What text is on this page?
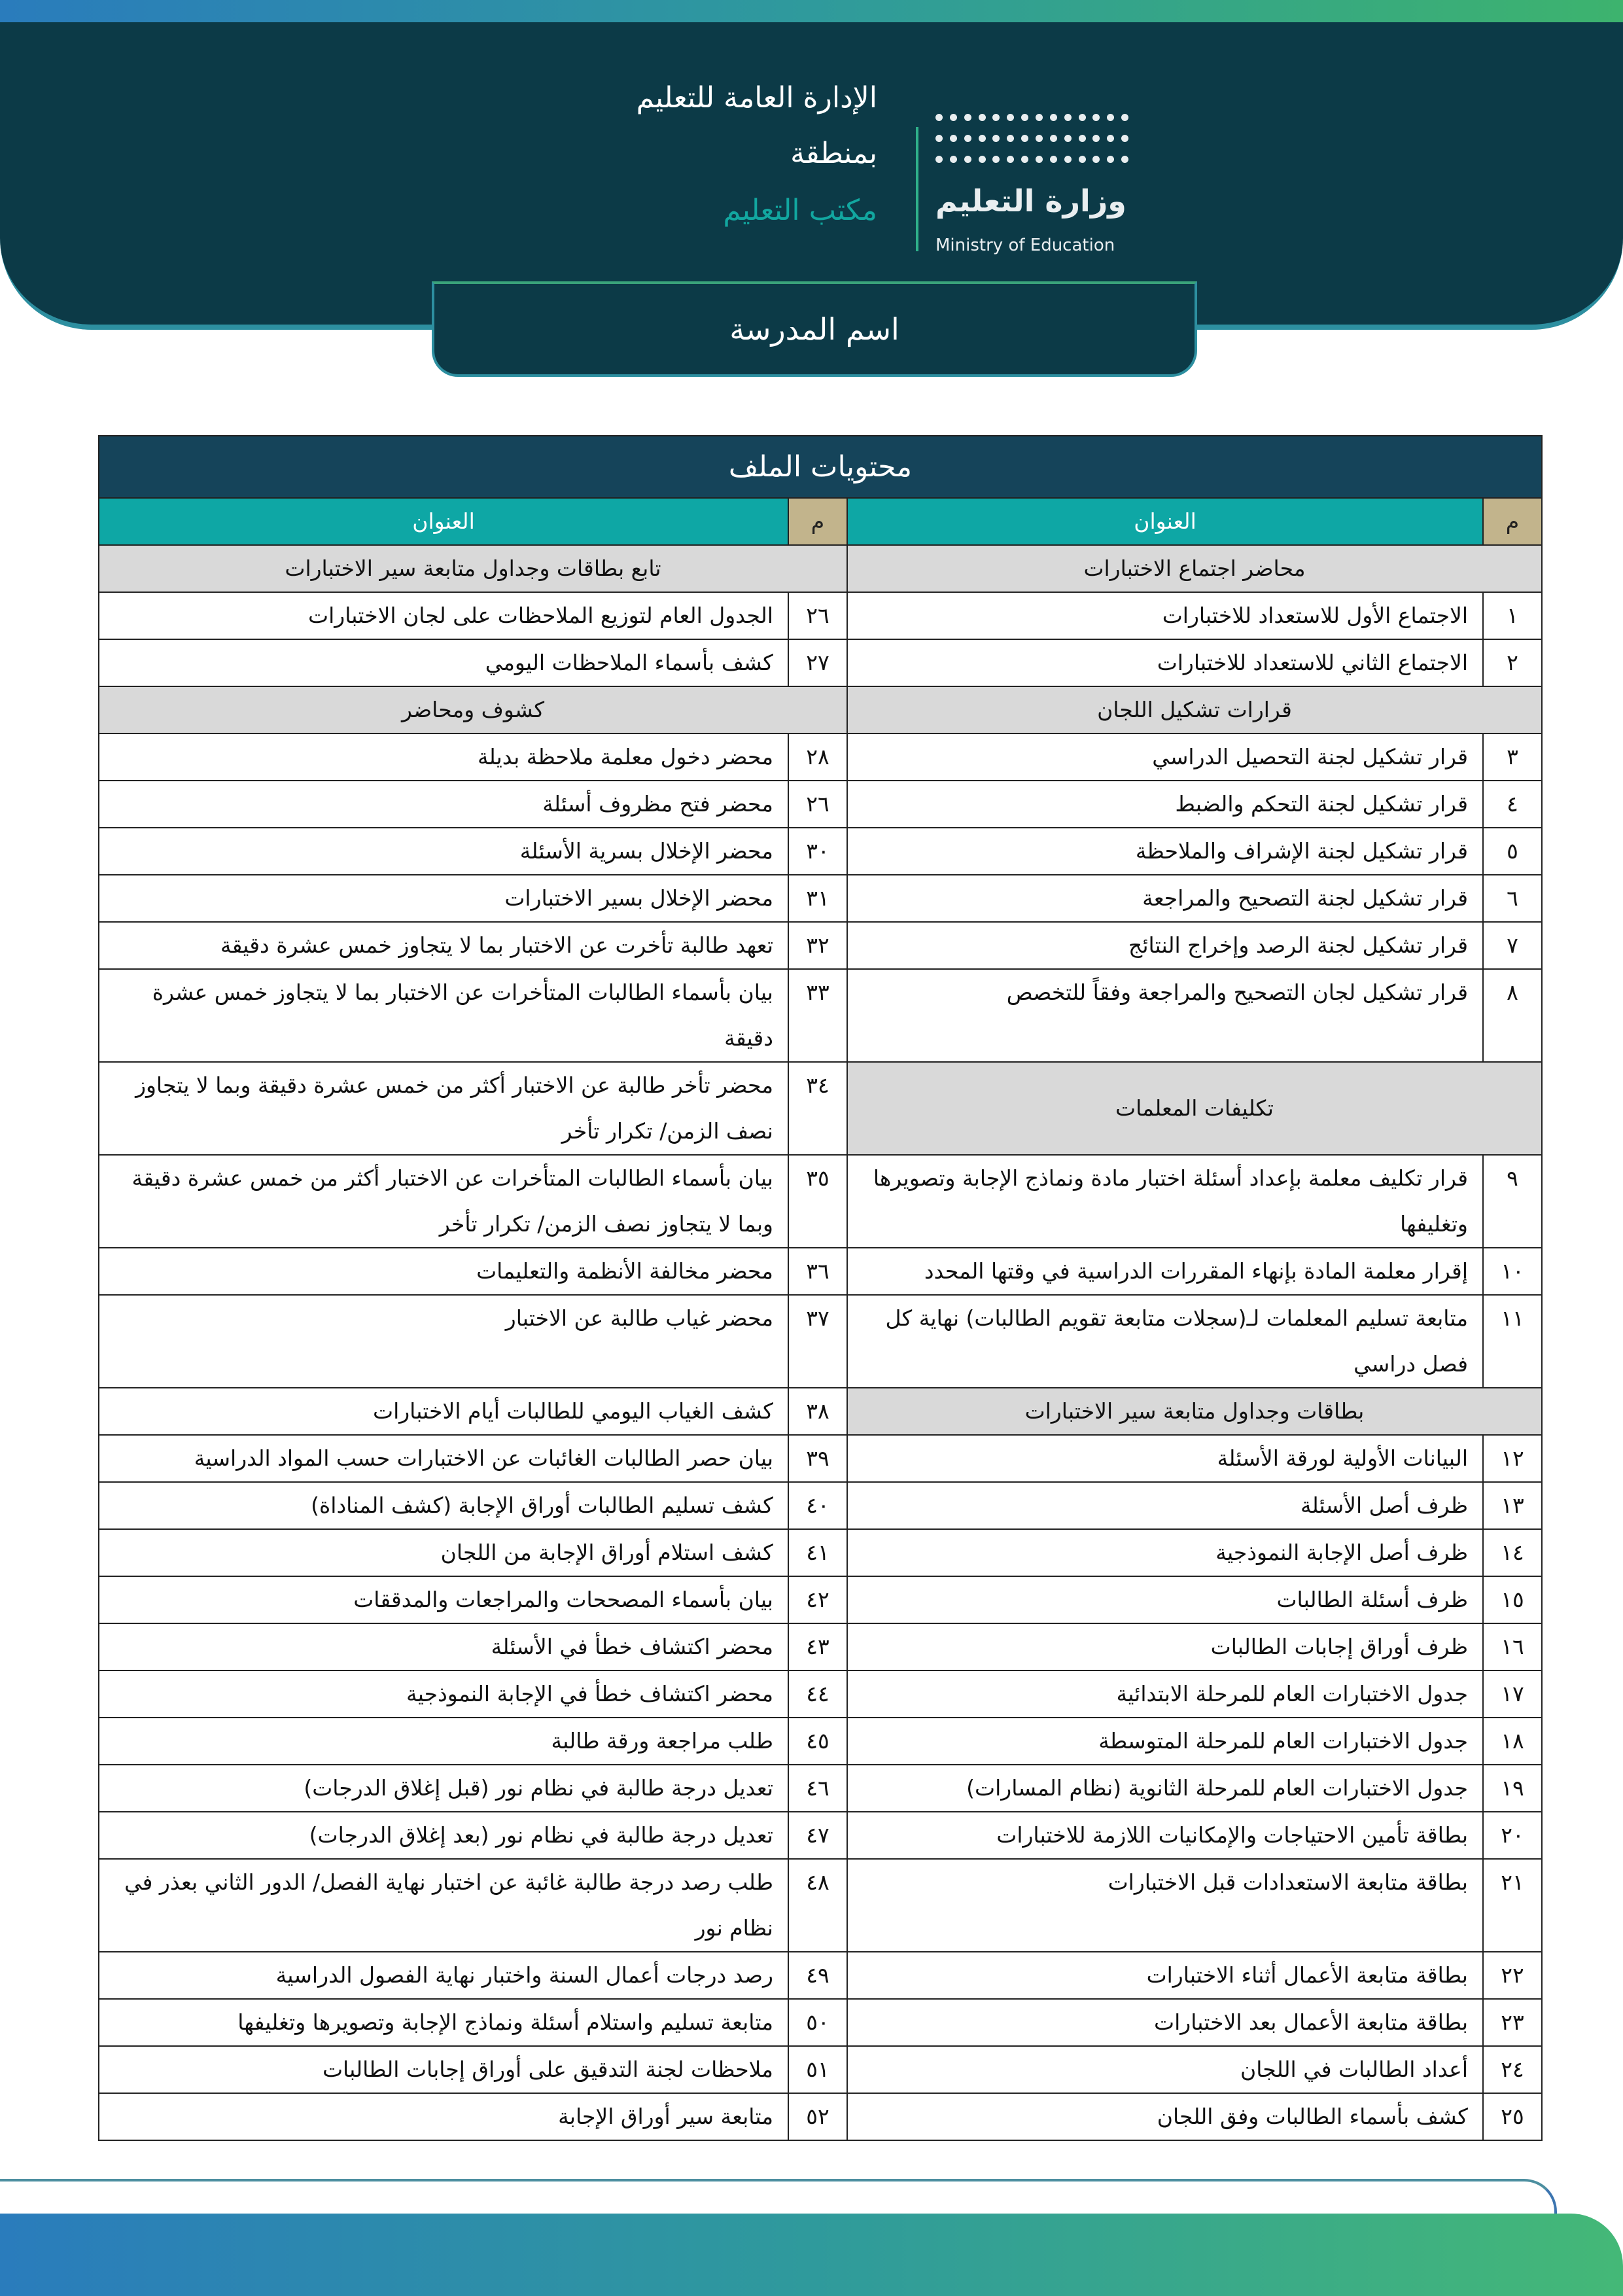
وزارة التعليم
Ministry of Education
الإدارة العامة للتعليم
بمنطقة
مكتب التعليم
اسم المدرسة
محتويات الملف			
م	العنوان	م	العنوان
محاضر اجتماع الاختبارات		تابع بطاقات وجداول متابعة سير الاختبارات	
١	الاجتماع الأول للاستعداد للاختبارات	٢٦	الجدول العام لتوزيع الملاحظات على لجان الاختبارات
٢	الاجتماع الثاني للاستعداد للاختبارات	٢٧	كشف بأسماء الملاحظات اليومي
قرارات تشكيل اللجان		كشوف ومحاضر	
٣	قرار تشكيل لجنة التحصيل الدراسي	٢٨	محضر دخول معلمة ملاحظة بديلة
٤	قرار تشكيل لجنة التحكم والضبط	٢٦	محضر فتح مظروف أسئلة
٥	قرار تشكيل لجنة الإشراف والملاحظة	٣٠	محضر الإخلال بسرية الأسئلة
٦	قرار تشكيل لجنة التصحيح والمراجعة	٣١	محضر الإخلال بسير الاختبارات
٧	قرار تشكيل لجنة الرصد وإخراج النتائج	٣٢	تعهد طالبة تأخرت عن الاختبار بما لا يتجاوز خمس عشرة دقيقة
٨	قرار تشكيل لجان التصحيح والمراجعة وفقاً للتخصص	٣٣	بيان بأسماء الطالبات المتأخرات عن الاختبار بما لا يتجاوز خمس عشرة دقيقة
تكليفات المعلمات		٣٤	محضر تأخر طالبة عن الاختبار أكثر من خمس عشرة دقيقة وبما لا يتجاوز نصف الزمن/ تكرار تأخر
٩	قرار تكليف معلمة بإعداد أسئلة اختبار مادة ونماذج الإجابة وتصويرها وتغليفها	٣٥	بيان بأسماء الطالبات المتأخرات عن الاختبار أكثر من خمس عشرة دقيقة وبما لا يتجاوز نصف الزمن/ تكرار تأخر
١٠	إقرار معلمة المادة بإنهاء المقررات الدراسية في وقتها المحدد	٣٦	محضر مخالفة الأنظمة والتعليمات
١١	متابعة تسليم المعلمات لـ(سجلات متابعة تقويم الطالبات) نهاية كل فصل دراسي	٣٧	محضر غياب طالبة عن الاختبار
بطاقات وجداول متابعة سير الاختبارات		٣٨	كشف الغياب اليومي للطالبات أيام الاختبارات
١٢	البيانات الأولية لورقة الأسئلة	٣٩	بيان حصر الطالبات الغائبات عن الاختبارات حسب المواد الدراسية
١٣	ظرف أصل الأسئلة	٤٠	كشف تسليم الطالبات أوراق الإجابة (كشف المناداة)
١٤	ظرف أصل الإجابة النموذجية	٤١	كشف استلام أوراق الإجابة من اللجان
١٥	ظرف أسئلة الطالبات	٤٢	بيان بأسماء المصححات والمراجعات والمدققات
١٦	ظرف أوراق إجابات الطالبات	٤٣	محضر اكتشاف خطأ في الأسئلة
١٧	جدول الاختبارات العام للمرحلة الابتدائية	٤٤	محضر اكتشاف خطأ في الإجابة النموذجية
١٨	جدول الاختبارات العام للمرحلة المتوسطة	٤٥	طلب مراجعة ورقة طالبة
١٩	جدول الاختبارات العام للمرحلة الثانوية (نظام المسارات)	٤٦	تعديل درجة طالبة في نظام نور (قبل إغلاق الدرجات)
٢٠	بطاقة تأمين الاحتياجات والإمكانيات اللازمة للاختبارات	٤٧	تعديل درجة طالبة في نظام نور (بعد إغلاق الدرجات)
٢١	بطاقة متابعة الاستعدادات قبل الاختبارات	٤٨	طلب رصد درجة طالبة غائبة عن اختبار نهاية الفصل/ الدور الثاني بعذر في نظام نور
٢٢	بطاقة متابعة الأعمال أثناء الاختبارات	٤٩	رصد درجات أعمال السنة واختبار نهاية الفصول الدراسية
٢٣	بطاقة متابعة الأعمال بعد الاختبارات	٥٠	متابعة تسليم واستلام أسئلة ونماذج الإجابة وتصويرها وتغليفها
٢٤	أعداد الطالبات في اللجان	٥١	ملاحظات لجنة التدقيق على أوراق إجابات الطالبات
٢٥	كشف بأسماء الطالبات وفق اللجان	٥٢	متابعة سير أوراق الإجابة
